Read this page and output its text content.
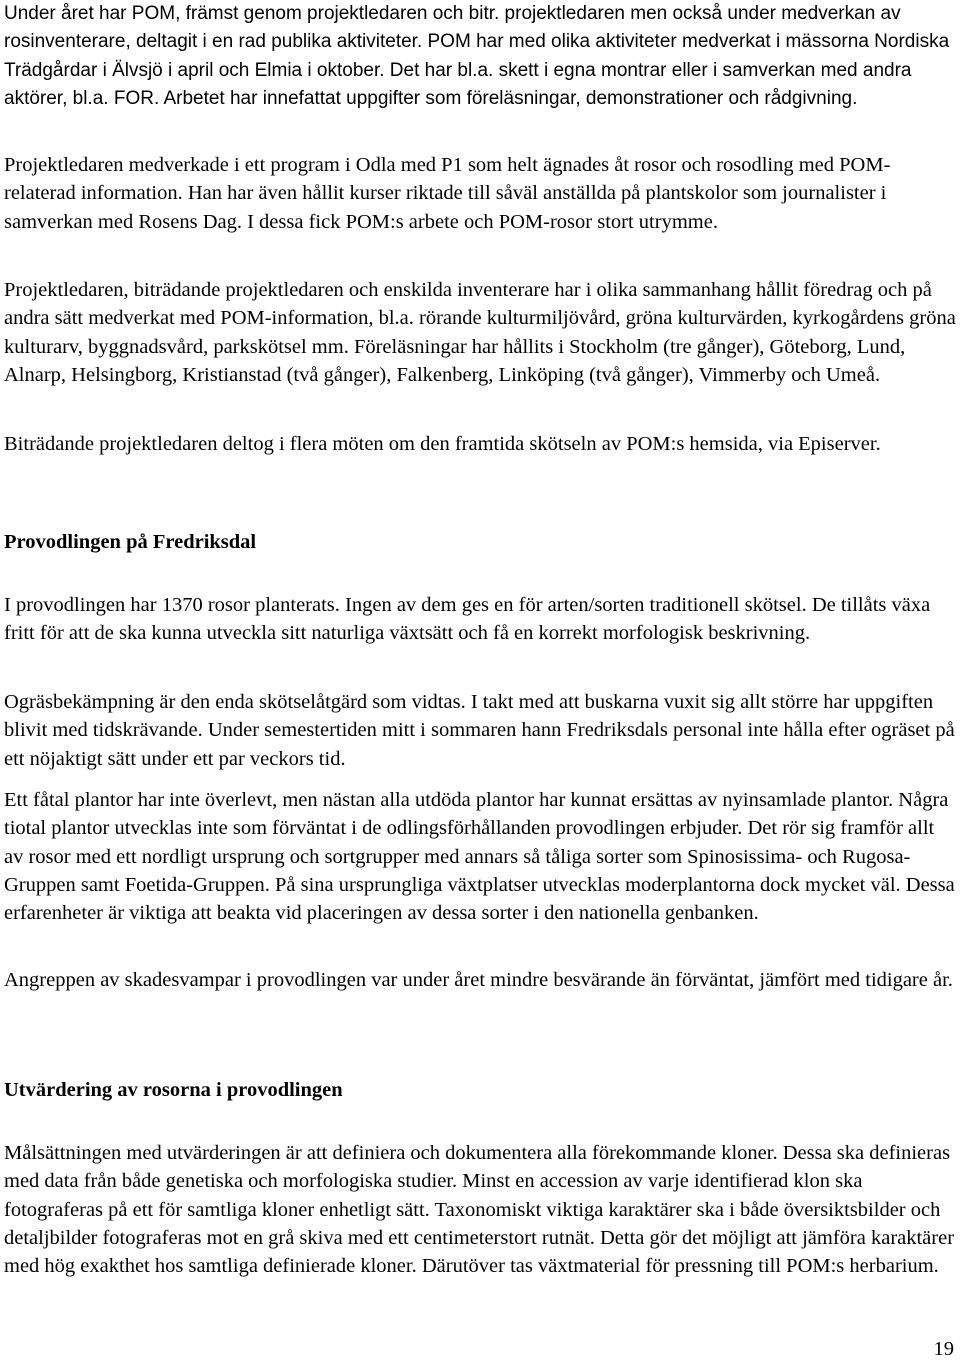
Under året har POM, främst genom projektledaren och bitr. projektledaren men också under medverkan av rosinventerare, deltagit i en rad publika aktiviteter. POM har med olika aktiviteter medverkat i mässorna Nordiska Trädgårdar i Älvsjö i april och Elmia i oktober. Det har bl.a. skett i egna montrar eller i samverkan med andra aktörer, bl.a. FOR. Arbetet har innefattat uppgifter som föreläsningar, demonstrationer och rådgivning.

Projektledaren medverkade i ett program i Odla med P1 som helt ägnades åt rosor och rosodling med POM-relaterad information. Han har även hållit kurser riktade till såväl anställda på plantskolor som journalister i samverkan med Rosens Dag. I dessa fick POM:s arbete och POM-rosor stort utrymme.

Projektledaren, biträdande projektledaren och enskilda inventerare har i olika sammanhang hållit föredrag och på andra sätt medverkat med POM-information, bl.a. rörande kulturmiljövård, gröna kulturvärden, kyrkogårdens gröna kulturarv, byggnadsvård, parkskötsel mm. Föreläsningar har hållits i Stockholm (tre gånger), Göteborg, Lund, Alnarp, Helsingborg, Kristianstad (två gånger), Falkenberg, Linköping (två gånger), Vimmerby och Umeå.

Biträdande projektledaren deltog i flera möten om den framtida skötseln av POM:s hemsida, via Episerver.

Provodlingen på Fredriksdal

I provodlingen har 1370 rosor planterats. Ingen av dem ges en för arten/sorten traditionell skötsel. De tillåts växa fritt för att de ska kunna utveckla sitt naturliga växtsätt och få en korrekt morfologisk beskrivning.

Ogräsbekämpning är den enda skötselåtgärd som vidtas. I takt med att buskarna vuxit sig allt större har uppgiften blivit med tidskrävande. Under semestertiden mitt i sommaren hann Fredriksdals personal inte hålla efter ogräset på ett nöjaktigt sätt under ett par veckors tid.

Ett fåtal plantor har inte överlevt, men nästan alla utdöda plantor har kunnat ersättas av nyinsamlade plantor. Några tiotal plantor utvecklas inte som förväntat i de odlingsförhållanden provodlingen erbjuder. Det rör sig framför allt av rosor med ett nordligt ursprung och sortgrupper med annars så tåliga sorter som Spinosissima- och Rugosa-Gruppen samt Foetida-Gruppen. På sina ursprungliga växtplatser utvecklas moderplantorna dock mycket väl. Dessa erfarenheter är viktiga att beakta vid placeringen av dessa sorter i den nationella genbanken.

Angreppen av skadesvampar i provodlingen var under året mindre besvärande än förväntat, jämfört med tidigare år.

Utvärdering av rosorna i provodlingen

Målsättningen med utvärderingen är att definiera och dokumentera alla förekommande kloner. Dessa ska definieras med data från både genetiska och morfologiska studier. Minst en accession av varje identifierad klon ska fotograferas på ett för samtliga kloner enhetligt sätt. Taxonomiskt viktiga karaktärer ska i både översiktsbilder och detaljbilder fotograferas mot en grå skiva med ett centimeterstort rutnät. Detta gör det möjligt att jämföra karaktärer med hög exakthet hos samtliga definierade kloner. Därutöver tas växtmaterial för pressning till POM:s herbarium.

19
